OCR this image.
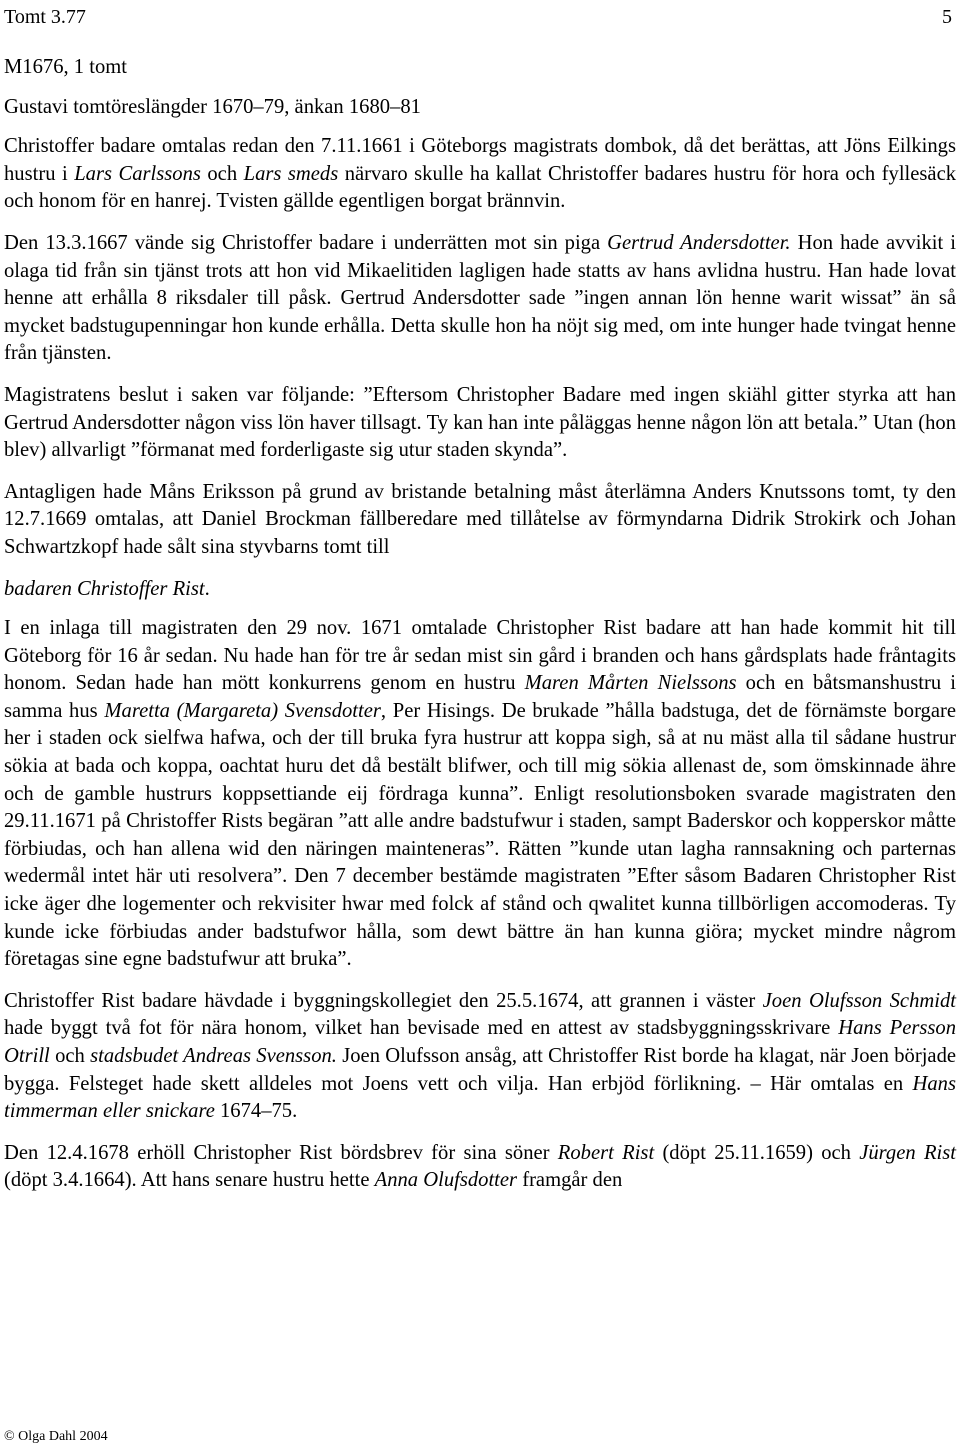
Tomt 3.77	5

M1676, 1 tomt

Gustavi tomtöreslängder 1670–79, änkan 1680–81

Christoffer badare omtalas redan den 7.11.1661 i Göteborgs magistrats dombok, då det berättas, att Jöns Eilkings hustru i Lars Carlssons och Lars smeds närvaro skulle ha kallat Christoffer badares hustru för hora och fyllesäck och honom för en hanrej. Tvisten gällde egentligen borgat brännvin.

Den 13.3.1667 vände sig Christoffer badare i underrätten mot sin piga Gertrud Andersdotter. Hon hade avvikit i olaga tid från sin tjänst trots att hon vid Mikaelitiden lagligen hade statts av hans avlidna hustru. Han hade lovat henne att erhålla 8 riksdaler till påsk. Gertrud Andersdotter sade ”ingen annan lön henne warit wissat” än så mycket badstugupenningar hon kunde erhålla. Detta skulle hon ha nöjt sig med, om inte hunger hade tvingat henne från tjänsten.

Magistratens beslut i saken var följande: ”Eftersom Christopher Badare med ingen skiähl gitter styrka att han Gertrud Andersdotter någon viss lön haver tillsagt. Ty kan han inte påläggas henne någon lön att betala.” Utan (hon blev) allvarligt ”förmanat med forderligaste sig utur staden skynda”.

Antagligen hade Måns Eriksson på grund av bristande betalning måst återlämna Anders Knutssons tomt, ty den 12.7.1669 omtalas, att Daniel Brockman fällberedare med tillåtelse av förmyndarna Didrik Strokirk och Johan Schwartzkopf hade sålt sina styvbarns tomt till

badaren Christoffer Rist.

I en inlaga till magistraten den 29 nov. 1671 omtalade Christopher Rist badare att han hade kommit hit till Göteborg för 16 år sedan. Nu hade han för tre år sedan mist sin gård i branden och hans gårdsplats hade fråntagits honom. Sedan hade han mött konkurrens genom en hustru Maren Mårten Nielssons och en båtsmanshustru i samma hus Maretta (Margareta) Svensdotter, Per Hisings. De brukade ”hålla badstuga, det de förnämste borgare her i staden ock sielfwa hafwa, och der till bruka fyra hustrur att koppa sigh, så at nu mäst alla til sådane hustrur sökia at bada och koppa, oachtat huru det då bestält blifwer, och till mig sökia allenast de, som ömskinnade ähre och de gamble hustrurs koppsettiande eij fördraga kunna”. Enligt resolutionsboken svarade magistraten den 29.11.1671 på Christoffer Rists begäran ”att alle andre badstufwur i staden, sampt Baderskor och kopperskor måtte förbiudas, och han allena wid den näringen mainteneras”. Rätten ”kunde utan lagha rannsakning och parternas wedermål intet här uti resolvera”. Den 7 december bestämde magistraten ”Efter såsom Badaren Christopher Rist icke äger dhe logementer och rekvisiter hwar med folck af stånd och qwalitet kunna tillbörligen accomoderas. Ty kunde icke förbiudas ander badstufwor hålla, som dewt bättre än han kunna giöra; mycket mindre någrom företagas sine egne badstufwur att bruka”.

Christoffer Rist badare hävdade i byggningskollegiet den 25.5.1674, att grannen i väster Joen Olufsson Schmidt hade byggt två fot för nära honom, vilket han bevisade med en attest av stadsbyggningsskrivare Hans Persson Otrill och stadsbudet Andreas Svensson. Joen Olufsson ansåg, att Christoffer Rist borde ha klagat, när Joen började bygga. Felsteget hade skett alldeles mot Joens vett och vilja. Han erbjöd förlikning. – Här omtalas en Hans timmerman eller snickare 1674–75.

Den 12.4.1678 erhöll Christopher Rist bördsbrev för sina söner Robert Rist (döpt 25.11.1659) och Jürgen Rist (döpt 3.4.1664). Att hans senare hustru hette Anna Olufsdotter framgår den

© Olga Dahl 2004
